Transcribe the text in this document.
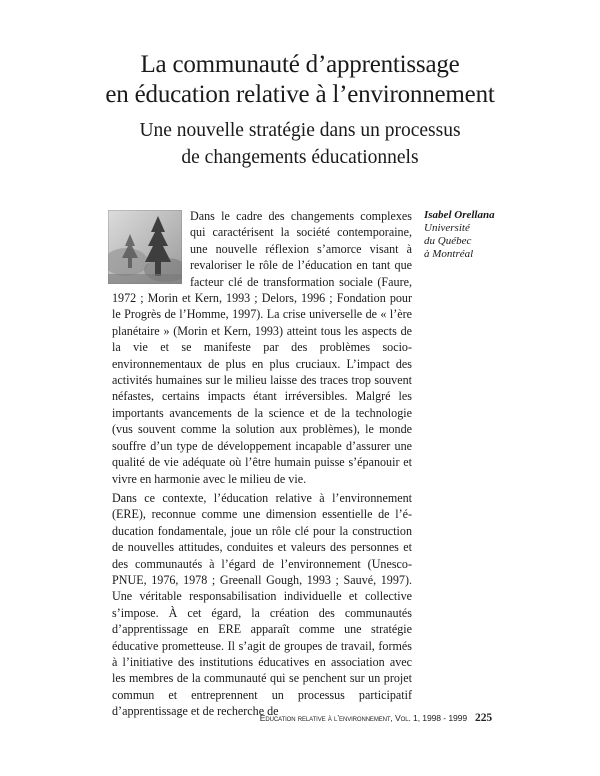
La communauté d’apprentissage
en éducation relative à l’environnement
Une nouvelle stratégie dans un processus
de changements éducationnels
Isabel Orellana
Université
du Québec
à Montréal
Dans le cadre des changements complexes qui caractérisent la société contemporaine, une nouvelle réflexion s’amorce visant à revaloriser le rôle de l’éducation en tant que facteur clé de transformation sociale (Faure, 1972 ; Morin et Kern, 1993 ; Delors, 1996 ; Fondation pour le Progrès de l’Homme, 1997). La crise universelle de « l’ère planétaire » (Morin et Kern, 1993) atteint tous les aspects de la vie et se manifeste par des problèmes socio-environnementaux de plus en plus cruciaux. L’impact des activités humaines sur le milieu laisse des traces trop souvent néfastes, certains impacts étant irréversibles. Malgré les importants avancements de la science et de la technologie (vus souvent comme la solution aux problèmes), le monde souffre d’un type de développement incapable d’assurer une qualité de vie adéquate où l’être humain puisse s’épanouir et vivre en harmonie avec le milieu de vie.

Dans ce contexte, l’éducation relative à l’environnement (ERE), reconnue comme une dimension essentielle de l’éducation fondamentale, joue un rôle clé pour la construction de nouvelles attitudes, conduites et valeurs des personnes et des communautés à l’égard de l’environnement (Unesco-PNUE, 1976, 1978 ; Greenall Gough, 1993 ; Sauvé, 1997). Une véritable responsabilisation individuelle et collective s’impose. À cet égard, la création des communautés d’apprentissage en ERE apparaît comme une stratégie éducative prometteuse. Il s’agit de groupes de travail, formés à l’initiative des institutions éducatives en association avec les membres de la communauté qui se penchent sur un projet commun et entreprennent un processus participatif d’apprentissage et de recherche de

Éducation relative à l’environnement, Vol. 1, 1998 - 1999 225
